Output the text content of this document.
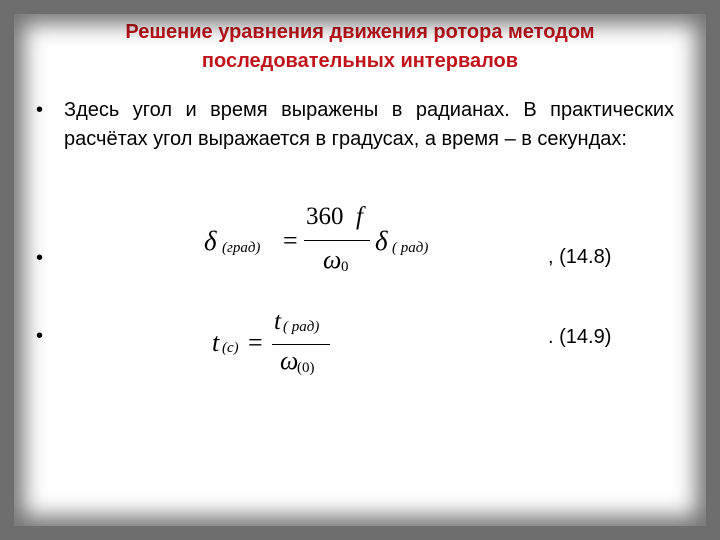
Решение уравнения движения ротора методом
последовательных интервалов
• Здесь угол и время выражены в радианах. В практических расчётах угол выражается в градусах, а время – в секундах:
•
δ (град) =
360 f
ω 0
δ ( рад)	, (14.8)
•	t (с) =
t ( рад)
ω
(0)
. (14.9)
